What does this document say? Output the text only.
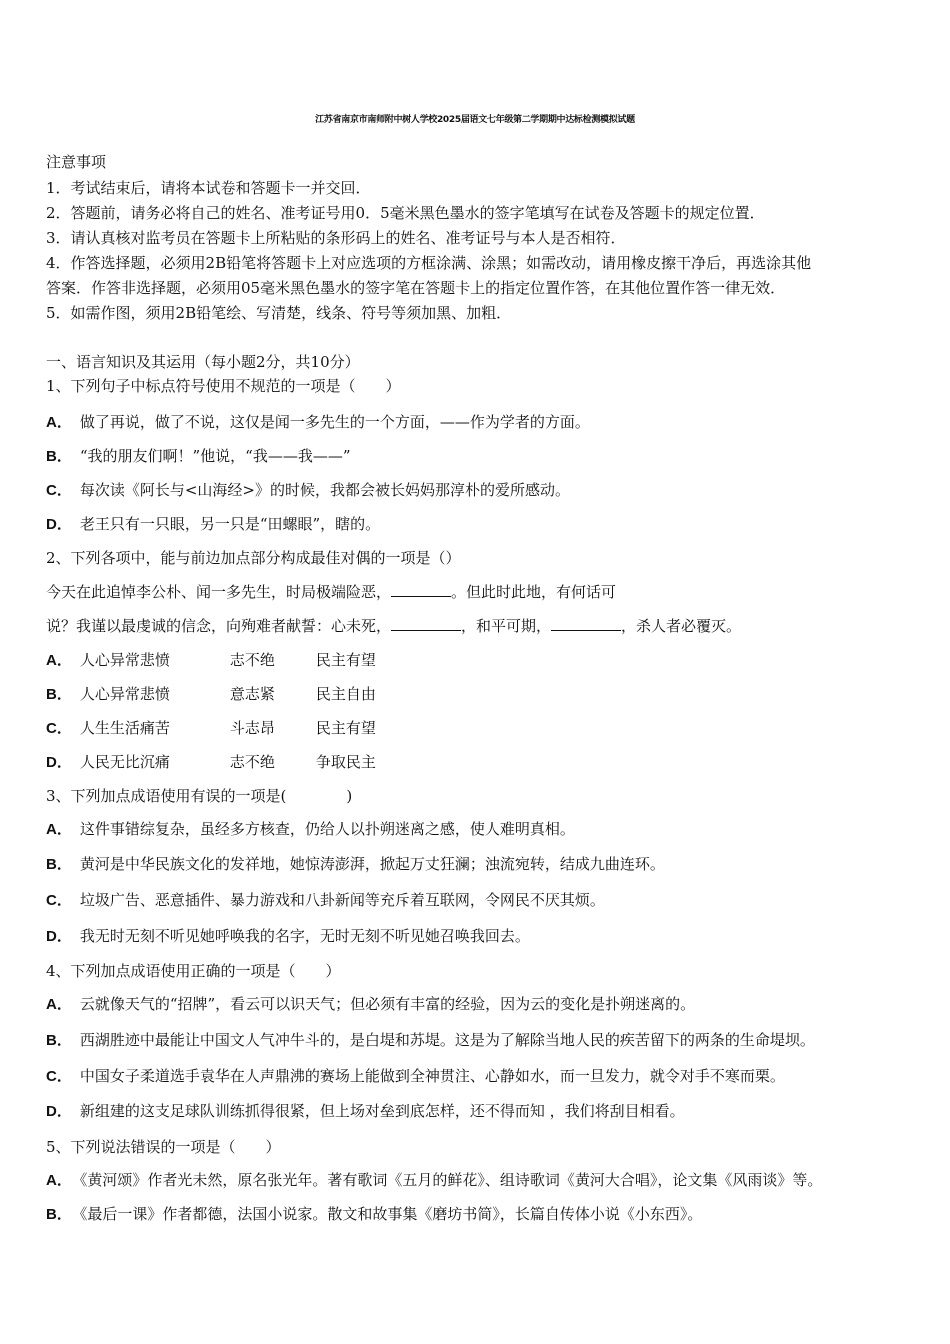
江苏省南京市南师附中树人学校2025届语文七年级第二学期期中达标检测模拟试题
注意事项
1．考试结束后，请将本试卷和答题卡一并交回．
2．答题前，请务必将自己的姓名、准考证号用0．5毫米黑色墨水的签字笔填写在试卷及答题卡的规定位置．
3．请认真核对监考员在答题卡上所粘贴的条形码上的姓名、准考证号与本人是否相符．
4．作答选择题，必须用2B铅笔将答题卡上对应选项的方框涂满、涂黑；如需改动，请用橡皮擦干净后，再选涂其他
答案．作答非选择题，必须用05毫米黑色墨水的签字笔在答题卡上的指定位置作答，在其他位置作答一律无效．
5．如需作图，须用2B铅笔绘、写清楚，线条、符号等须加黑、加粗．
一、语言知识及其运用（每小题2分，共10分）
1、下列句子中标点符号使用不规范的一项是（　　）
A． 做了再说，做了不说，这仅是闻一多先生的一个方面，——作为学者的方面。
B． “我的朋友们啊！”他说，“我——我——”
C． 每次读《阿长与<山海经>》的时候，我都会被长妈妈那淳朴的爱所感动。
D． 老王只有一只眼，另一只是“田螺眼”，瞎的。
2、下列各项中，能与前边加点部分构成最佳对偶的一项是（）
今天在此追悼李公朴、闻一多先生，时局极端险恶，	。但此时此地，有何话可
说？我谨以最虔诚的信念，向殉难者献誓：心未死，	，和平可期，	，杀人者必覆灭。
A． 人心异常悲愤	志不绝	民主有望
B． 人心异常悲愤	意志紧	民主自由
C． 人生生活痛苦	斗志昂	民主有望
D． 人民无比沉痛	志不绝	争取民主
3、下列加点成语使用有误的一项是(　　　　)
A． 这件事错综复杂，虽经多方核查，仍给人以扑朔迷离之感，使人难明真相。
B． 黄河是中华民族文化的发祥地，她惊涛澎湃，掀起万丈狂澜；浊流宛转，结成九曲连环。
C． 垃圾广告、恶意插件、暴力游戏和八卦新闻等充斥着互联网，令网民不厌其烦。
D． 我无时无刻不听见她呼唤我的名字，无时无刻不听见她召唤我回去。
4、下列加点成语使用正确的一项是（　　）
A． 云就像天气的“招牌”，看云可以识天气；但必须有丰富的经验，因为云的变化是扑朔迷离的。
B． 西湖胜迹中最能让中国文人气冲牛斗的，是白堤和苏堤。这是为了解除当地人民的疾苦留下的两条的生命堤坝。
C． 中国女子柔道选手袁华在人声鼎沸的赛场上能做到全神贯注、心静如水，而一旦发力，就令对手不寒而栗。
D． 新组建的这支足球队训练抓得很紧，但上场对垒到底怎样，还不得而知 ，我们将刮目相看。
5、下列说法错误的一项是（　　）
A． 《黄河颂》作者光未然，原名张光年。著有歌词《五月的鲜花》、组诗歌词《黄河大合唱》，论文集《风雨谈》等。
B． 《最后一课》作者都德，法国小说家。散文和故事集《磨坊书简》，长篇自传体小说《小东西》。
